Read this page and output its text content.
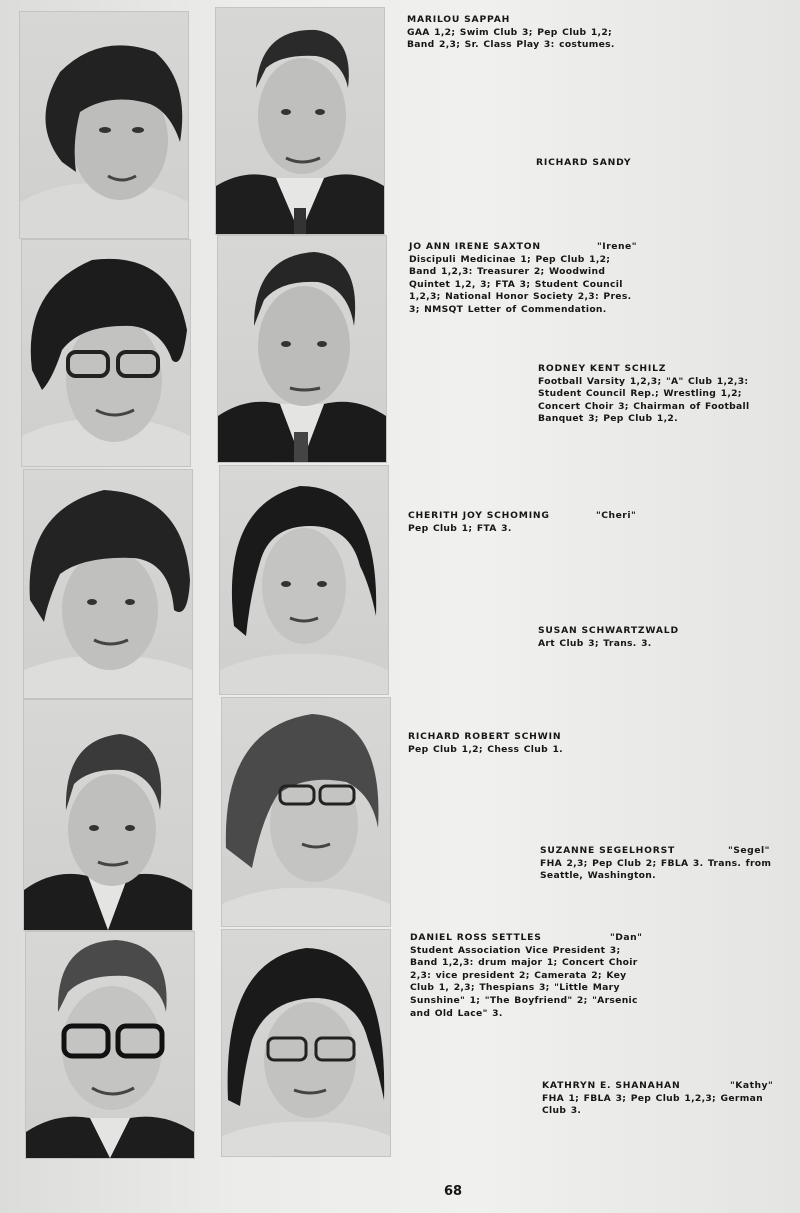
MARILOU SAPPAH
GAA 1,2; Swim Club 3; Pep Club 1,2; Band 2,3; Sr. Class Play 3: costumes.
RICHARD SANDY
JO ANN IRENE SAXTON	"Irene"
Discipuli Medicinae 1; Pep Club 1,2; Band 1,2,3: Treasurer 2; Woodwind Quintet 1,2, 3; FTA 3; Student Council 1,2,3; National Honor Society 2,3: Pres. 3; NMSQT Letter of Commendation.
RODNEY KENT SCHILZ
Football Varsity 1,2,3; "A" Club 1,2,3: Student Council Rep.; Wrestling 1,2; Concert Choir 3; Chairman of Football Banquet 3; Pep Club 1,2.
CHERITH JOY SCHOMING	"Cheri"
Pep Club 1; FTA 3.
SUSAN SCHWARTZWALD
Art Club 3; Trans. 3.
RICHARD ROBERT SCHWIN
Pep Club 1,2; Chess Club 1.
SUZANNE SEGELHORST	"Segel"
FHA 2,3; Pep Club 2; FBLA 3. Trans. from Seattle, Washington.
DANIEL ROSS SETTLES	"Dan"
Student Association Vice President 3; Band 1,2,3: drum major 1; Concert Choir 2,3: vice president 2; Camerata 2; Key Club 1, 2,3; Thespians 3; "Little Mary Sunshine" 1; "The Boyfriend" 2; "Arsenic and Old Lace" 3.
KATHRYN E. SHANAHAN	"Kathy"
FHA 1; FBLA 3; Pep Club 1,2,3; German Club 3.
68
